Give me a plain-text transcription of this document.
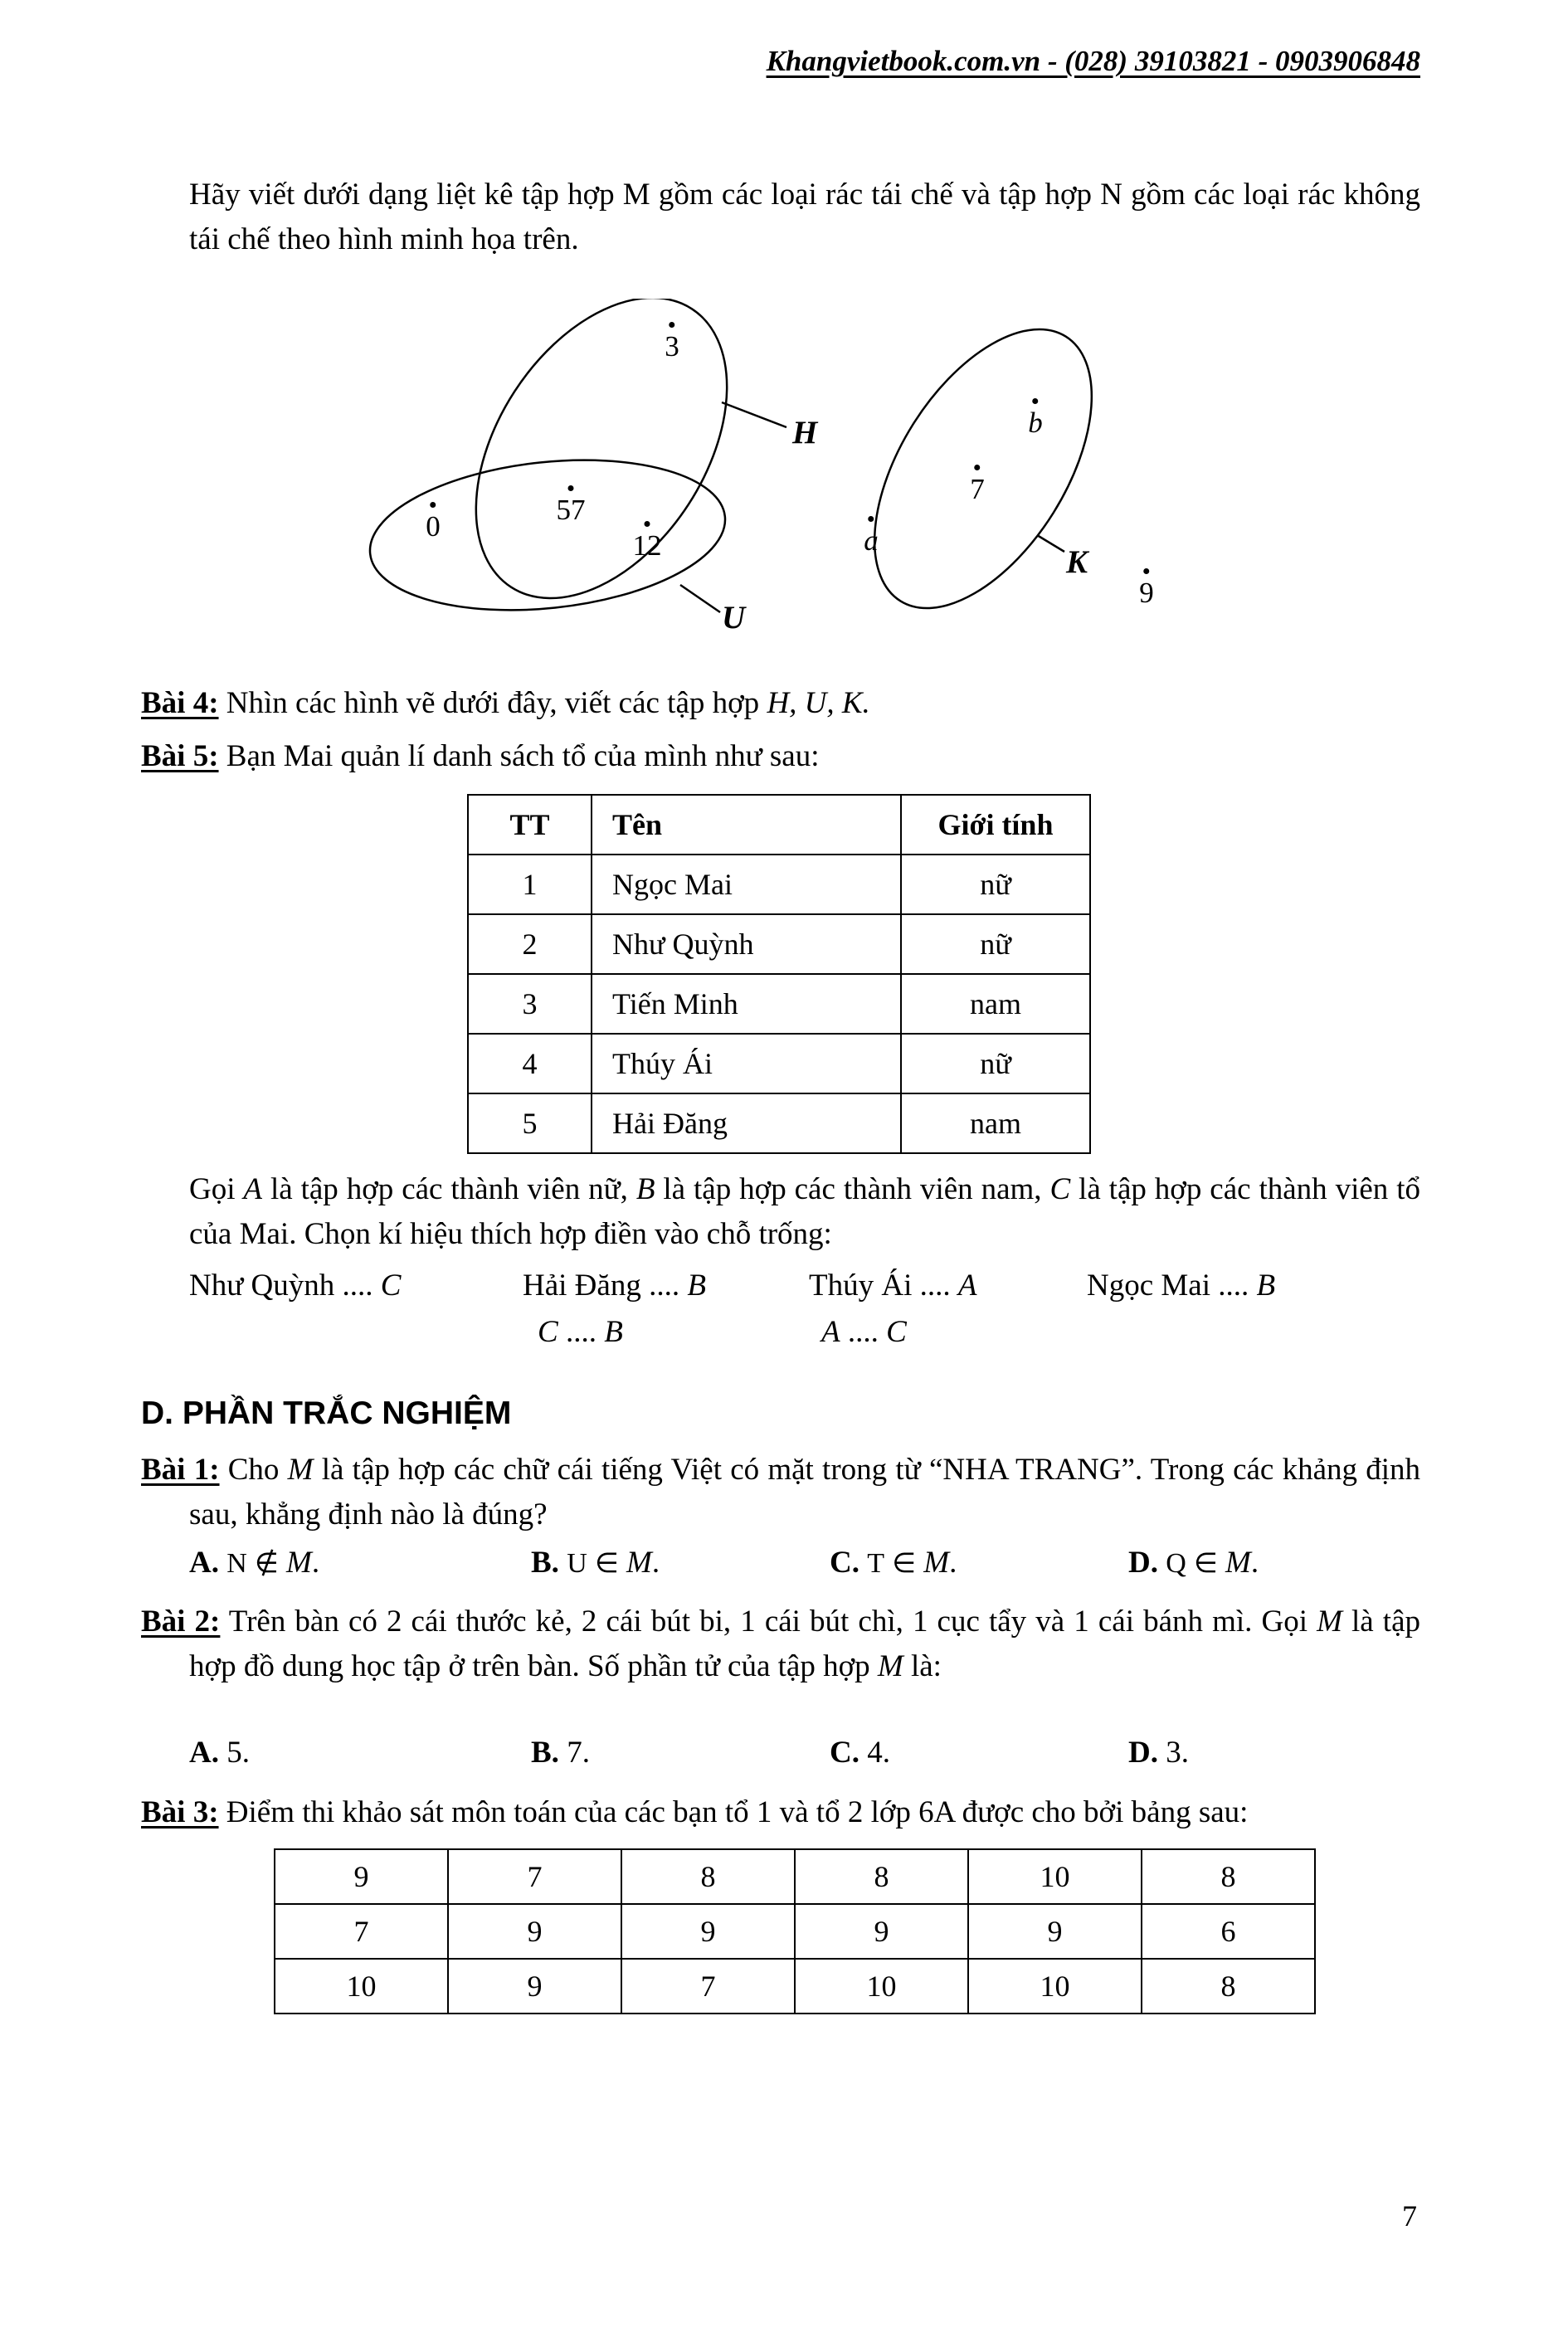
Khangvietbook.com.vn - (028) 39103821 - 0903906848

Hãy viết dưới dạng liệt kê tập hợp M gồm các loại rác tái chế và tập hợp N gồm các loại rác không tái chế theo hình minh họa trên.

3
57
0
12	a
b
7
9
H
U
K

Bài 4: Nhìn các hình vẽ dưới đây, viết các tập hợp H, U, K.

Bài 5: Bạn Mai quản lí danh sách tổ của mình như sau:

TT	Tên	Giới tính
1	Ngọc Mai	nữ
2	Như Quỳnh	nữ
3	Tiến Minh	nam
4	Thúy Ái	nữ
5	Hải Đăng	nam

Gọi A là tập hợp các thành viên nữ, B là tập hợp các thành viên nam, C là tập hợp các thành viên tổ của Mai. Chọn kí hiệu thích hợp điền vào chỗ trống:

Như Quỳnh .... C	Hải Đăng .... B	Thúy Ái .... A	Ngọc Mai .... B
C .... B	A .... C
D. PHẦN TRẮC NGHIỆM

Bài 1: Cho M là tập hợp các chữ cái tiếng Việt có mặt trong từ “NHA TRANG”. Trong các khảng định sau, khẳng định nào là đúng?

A. N ∉ M.	B. U ∈ M.	C. T ∈ M.	D. Q ∈ M.

Bài 2: Trên bàn có 2 cái thước kẻ, 2 cái bút bi, 1 cái bút chì, 1 cục tẩy và 1 cái bánh mì. Gọi M là tập hợp đồ dung học tập ở trên bàn. Số phần tử của tập hợp M là:

A. 5.	B. 7.	C. 4.	D. 3.

Bài 3: Điểm thi khảo sát môn toán của các bạn tổ 1 và tổ 2 lớp 6A được cho bởi bảng sau:

9	7	8	8	10	8
7	9	9	9	9	6
10	9	7	10	10	8
7
